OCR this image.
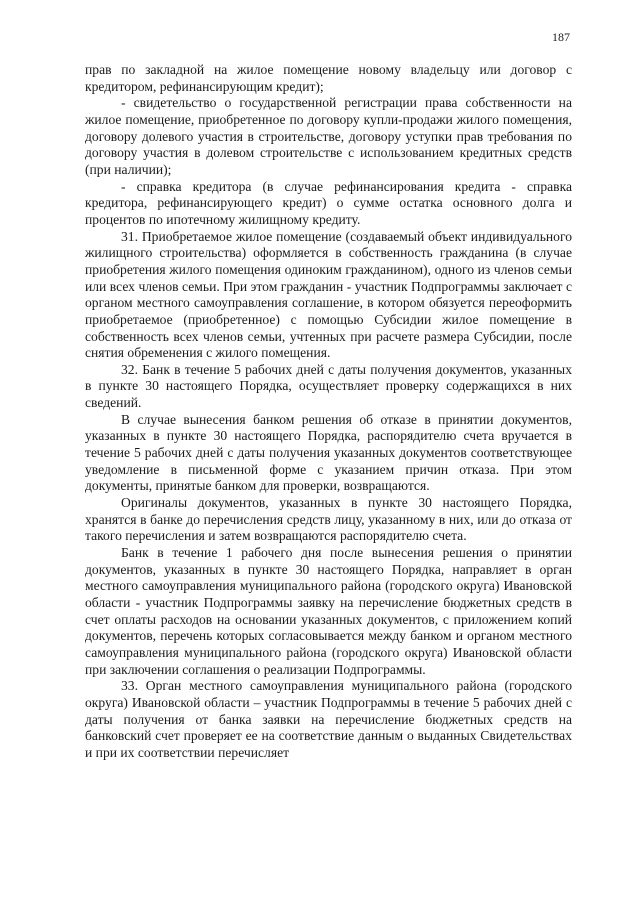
187

прав по закладной на жилое помещение новому владельцу или договор с кредитором, рефинансирующим кредит);

- свидетельство о государственной регистрации права собственности на жилое помещение, приобретенное по договору купли-продажи жилого помещения, договору долевого участия в строительстве, договору уступки прав требования по договору участия в долевом строительстве с использованием кредитных средств (при наличии);

- справка кредитора (в случае рефинансирования кредита - справка кредитора, рефинансирующего кредит) о сумме остатка основного долга и процентов по ипотечному жилищному кредиту.

31. Приобретаемое жилое помещение (создаваемый объект индивидуального жилищного строительства) оформляется в собственность гражданина (в случае приобретения жилого помещения одиноким гражданином), одного из членов семьи или всех членов семьи. При этом гражданин - участник Подпрограммы заключает с органом местного самоуправления соглашение, в котором обязуется переоформить приобретаемое (приобретенное) с помощью Субсидии жилое помещение в собственность всех членов семьи, учтенных при расчете размера Субсидии, после снятия обременения с жилого помещения.

32. Банк в течение 5 рабочих дней с даты получения документов, указанных в пункте 30 настоящего Порядка, осуществляет проверку содержащихся в них сведений.

В случае вынесения банком решения об отказе в принятии документов, указанных в пункте 30 настоящего Порядка, распорядителю счета вручается в течение 5 рабочих дней с даты получения указанных документов соответствующее уведомление в письменной форме с указанием причин отказа. При этом документы, принятые банком для проверки, возвращаются.

Оригиналы документов, указанных в пункте 30 настоящего Порядка, хранятся в банке до перечисления средств лицу, указанному в них, или до отказа от такого перечисления и затем возвращаются распорядителю счета.

Банк в течение 1 рабочего дня после вынесения решения о принятии документов, указанных в пункте 30 настоящего Порядка, направляет в орган местного самоуправления муниципального района (городского округа) Ивановской области - участник Подпрограммы заявку на перечисление бюджетных средств в счет оплаты расходов на основании указанных документов, с приложением копий документов, перечень которых согласовывается между банком и органом местного самоуправления муниципального района (городского округа) Ивановской области при заключении соглашения о реализации Подпрограммы.

33. Орган местного самоуправления муниципального района (городского округа) Ивановской области – участник Подпрограммы в течение 5 рабочих дней с даты получения от банка заявки на перечисление бюджетных средств на банковский счет проверяет ее на соответствие данным о выданных Свидетельствах и при их соответствии перечисляет
